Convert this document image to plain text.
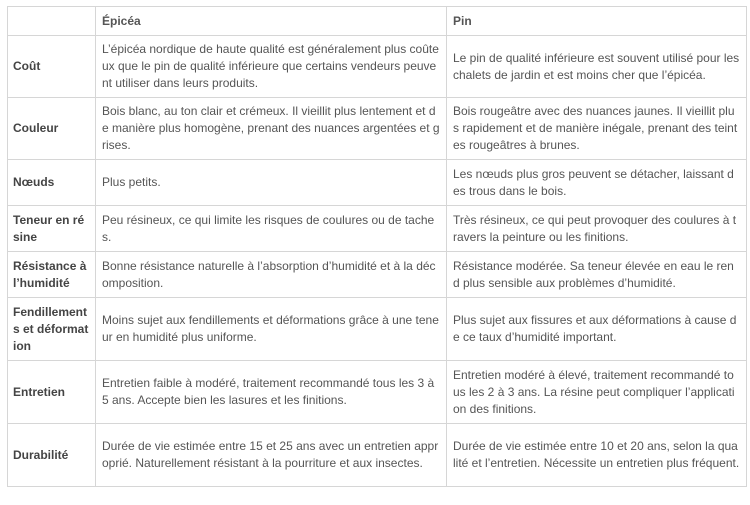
	Épicéa	Pin
Coût	L’épicéa nordique de haute qualité est généralement plus coûteux que le pin de qualité inférieure que certains vendeurs peuvent utiliser dans leurs produits.	Le pin de qualité inférieure est souvent utilisé pour les chalets de jardin et est moins cher que l’épicéa.
Couleur	Bois blanc, au ton clair et crémeux. Il vieillit plus lentement et de manière plus homogène, prenant des nuances argentées et grises.	Bois rougeâtre avec des nuances jaunes. Il vieillit plus rapidement et de manière inégale, prenant des teintes rougeâtres à brunes.
Nœuds	Plus petits.	Les nœuds plus gros peuvent se détacher, laissant des trous dans le bois.
Teneur en résine	Peu résineux, ce qui limite les risques de coulures ou de taches.	Très résineux, ce qui peut provoquer des coulures à travers la peinture ou les finitions.
Résistance à l’humidité	Bonne résistance naturelle à l’absorption d’humidité et à la décomposition.	Résistance modérée. Sa teneur élevée en eau le rend plus sensible aux problèmes d’humidité.
Fendillements et déformation	Moins sujet aux fendillements et déformations grâce à une teneur en humidité plus uniforme.	Plus sujet aux fissures et aux déformations à cause de ce taux d’humidité important.
Entretien	Entretien faible à modéré, traitement recommandé tous les 3 à 5 ans. Accepte bien les lasures et les finitions.	Entretien modéré à élevé, traitement recommandé tous les 2 à 3 ans. La résine peut compliquer l’application des finitions.
Durabilité	Durée de vie estimée entre 15 et 25 ans avec un entretien approprié. Naturellement résistant à la pourriture et aux insectes.	Durée de vie estimée entre 10 et 20 ans, selon la qualité et l’entretien. Nécessite un entretien plus fréquent.
